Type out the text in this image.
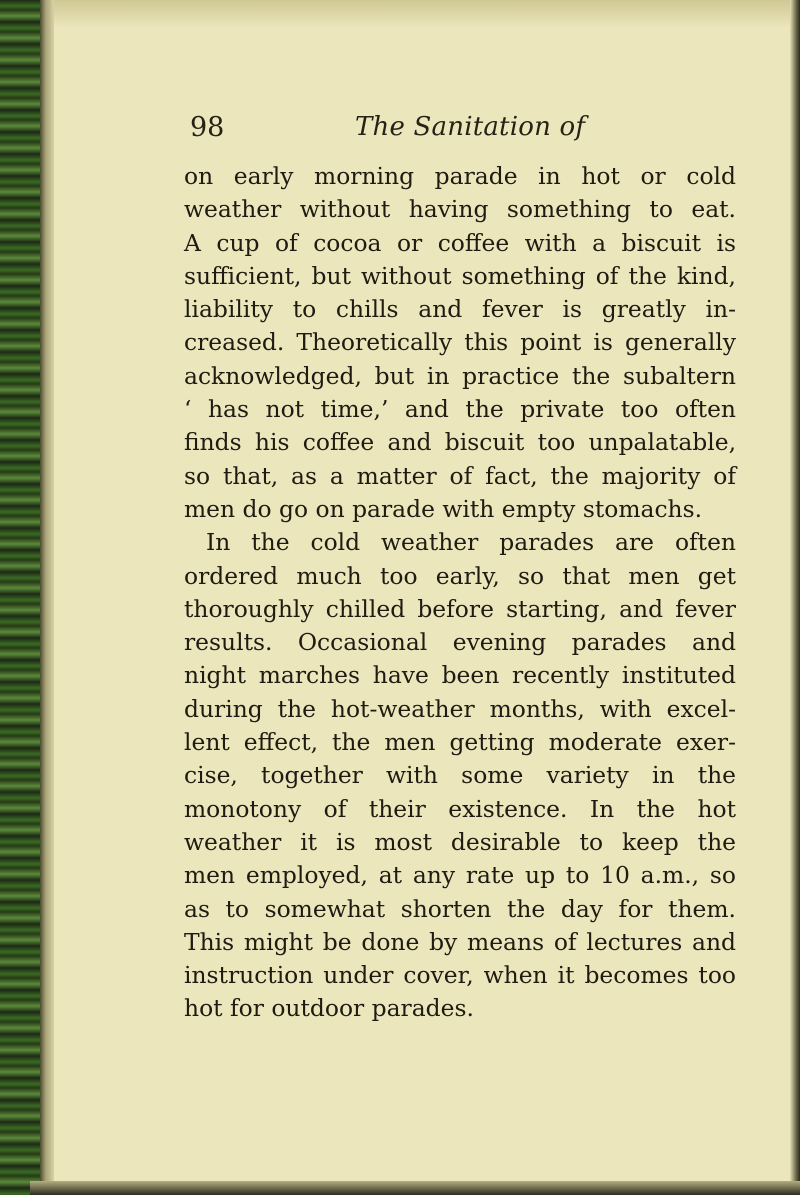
98	The Sanitation of
on early morning parade in hot or cold
weather without having something to eat.
A cup of cocoa or coffee with a biscuit is
sufficient, but without something of the kind,
liability to chills and fever is greatly in-
creased. Theoretically this point is generally
acknowledged, but in practice the subaltern
‘ has not time,’ and the private too often
finds his coffee and biscuit too unpalatable,
so that, as a matter of fact, the majority of
men do go on parade with empty stomachs.
In the cold weather parades are often
ordered much too early, so that men get
thoroughly chilled before starting, and fever
results. Occasional evening parades and
night marches have been recently instituted
during the hot-weather months, with excel-
lent effect, the men getting moderate exer-
cise, together with some variety in the
monotony of their existence. In the hot
weather it is most desirable to keep the
men employed, at any rate up to 10 a.m., so
as to somewhat shorten the day for them.
This might be done by means of lectures and
instruction under cover, when it becomes too
hot for outdoor parades.
